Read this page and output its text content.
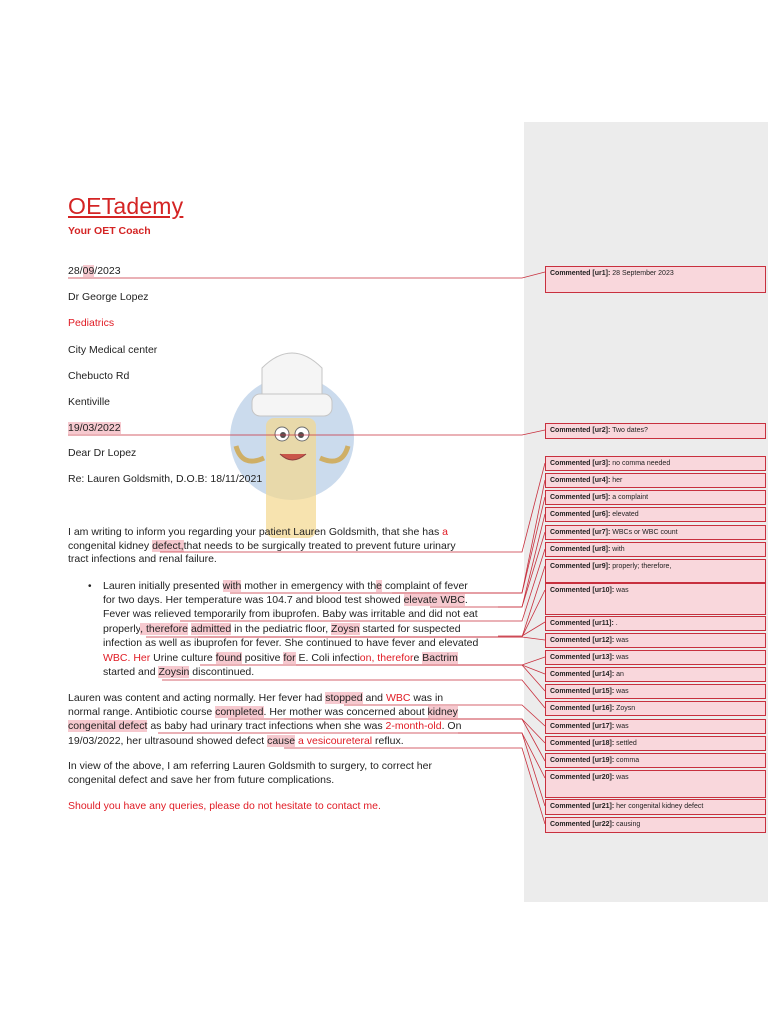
OETademy
Your OET Coach
28/09/2023
Dr George Lopez
Pediatrics
City Medical center
Chebucto Rd
Kentiville
19/03/2022
Dear Dr Lopez
Re: Lauren Goldsmith, D.O.B: 18/11/2021
I am writing to inform you regarding your patient Lauren Goldsmith, that she has a
congenital kidney defect,that needs to be surgically treated to prevent future urinary
tract infections and renal failure.
• Lauren initially presented with mother in emergency with the complaint of fever
for two days. Her temperature was 104.7 and blood test showed elevate WBC.
Fever was relieved temporarily from ibuprofen. Baby was irritable and did not eat
properly, therefore admitted in the pediatric floor, Zoysn started for suspected
infection as well as ibuprofen for fever. She continued to have fever and elevated
WBC. Her Urine culture found positive for E. Coli infection, therefore Bactrim
started and Zoysin discontinued.
Lauren was content and acting normally. Her fever had stopped and WBC was in
normal range. Antibiotic course completed. Her mother was concerned about kidney
congenital defect as baby had urinary tract infections when she was 2-month-old. On
19/03/2022, her ultrasound showed defect cause a vesicoureteral reflux.
In view of the above, I am referring Lauren Goldsmith to surgery, to correct her
congenital defect and save her from future complications.
Should you have any queries, please do not hesitate to contact me.
Commented [ur1]: 28 September 2023
Commented [ur2]: Two dates?
Commented [ur3]: no comma needed
Commented [ur4]: her
Commented [ur5]: a complaint
Commented [ur6]: elevated
Commented [ur7]: WBCs or WBC count
Commented [ur8]: with
Commented [ur9]: properly; therefore,
Commented [ur10]: was
Commented [ur11]: .
Commented [ur12]: was
Commented [ur13]: was
Commented [ur14]: an
Commented [ur15]: was
Commented [ur16]: Zoysn
Commented [ur17]: was
Commented [ur18]: settled
Commented [ur19]: comma
Commented [ur20]: was
Commented [ur21]: her congenital kidney defect
Commented [ur22]: causing
